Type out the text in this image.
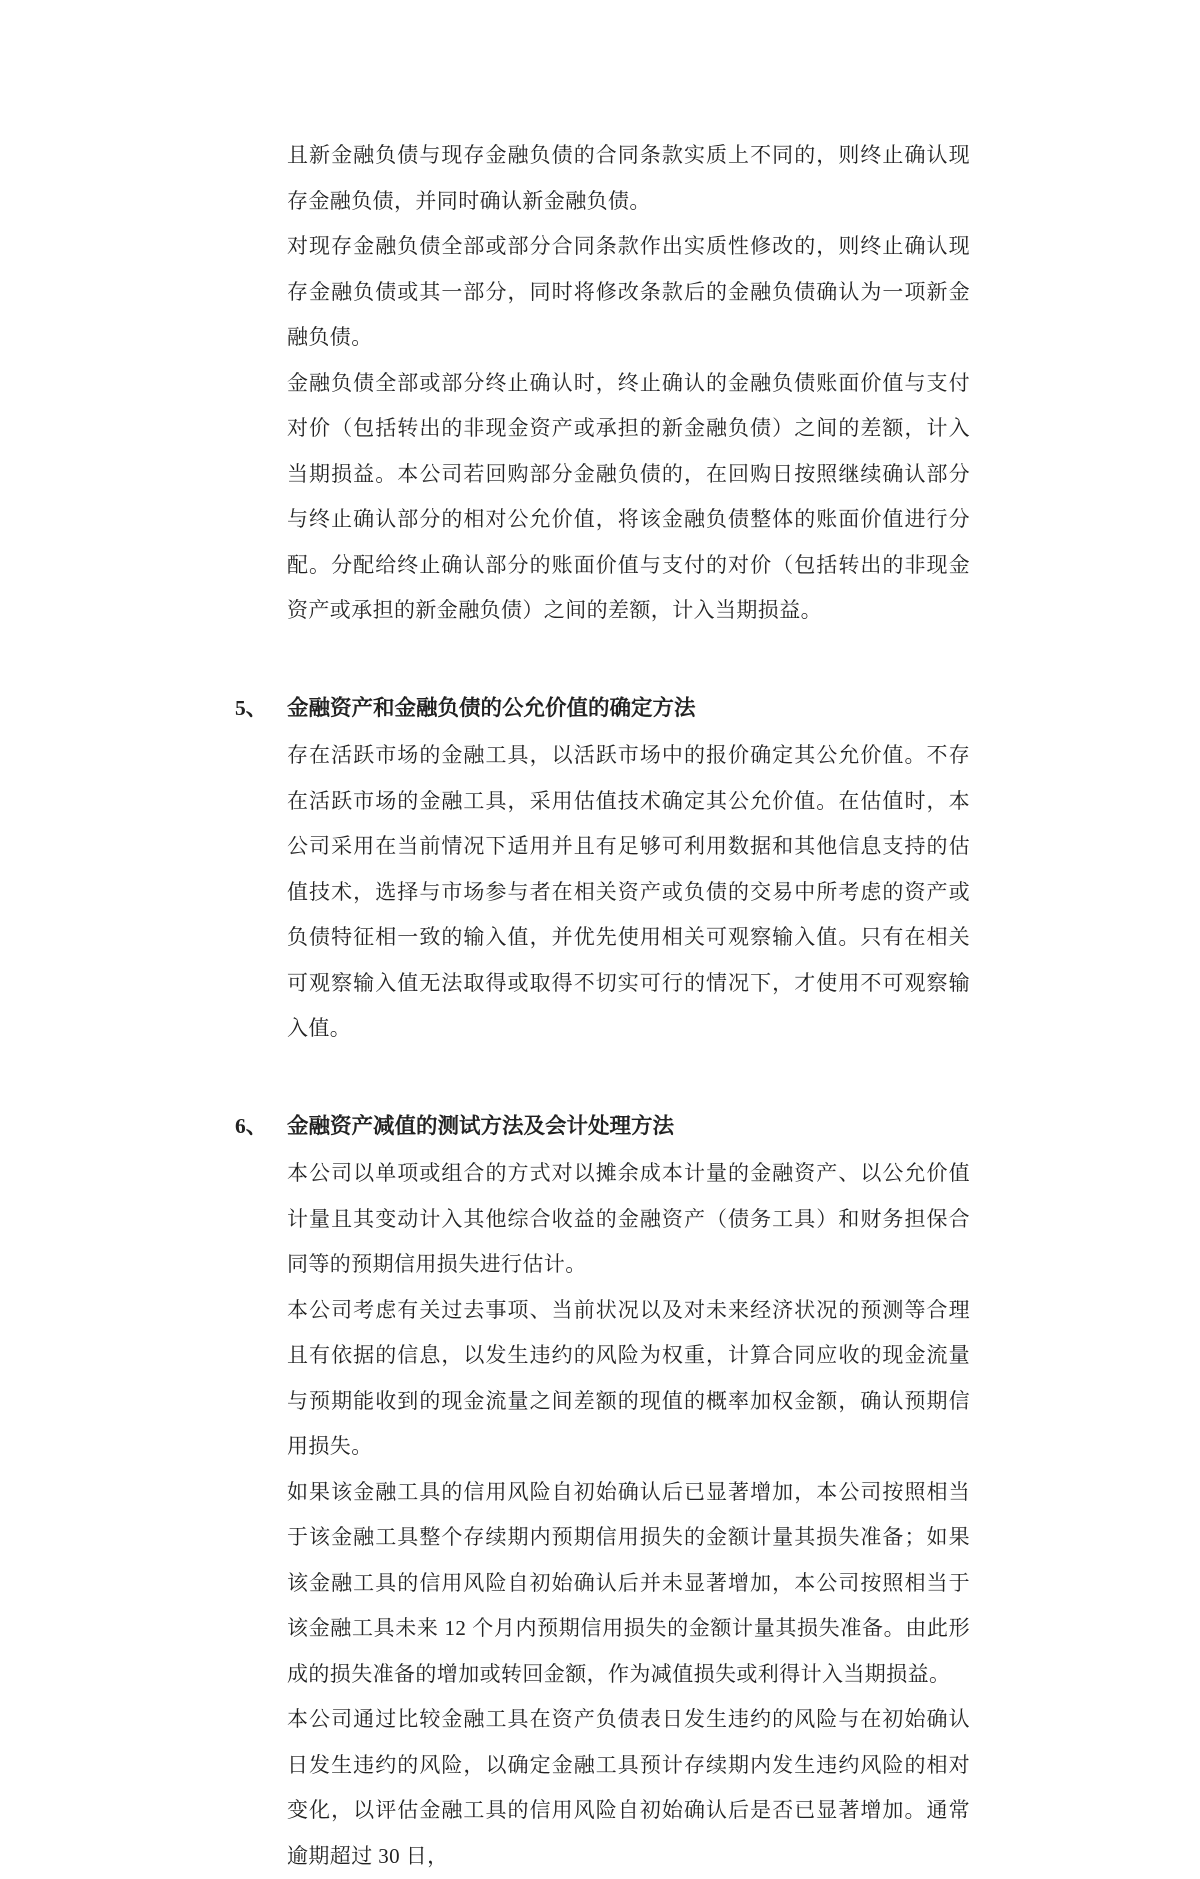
且新金融负债与现存金融负债的合同条款实质上不同的，则终止确认现存金融负债，并同时确认新金融负债。

对现存金融负债全部或部分合同条款作出实质性修改的，则终止确认现存金融负债或其一部分，同时将修改条款后的金融负债确认为一项新金融负债。

金融负债全部或部分终止确认时，终止确认的金融负债账面价值与支付对价（包括转出的非现金资产或承担的新金融负债）之间的差额，计入当期损益。本公司若回购部分金融负债的，在回购日按照继续确认部分与终止确认部分的相对公允价值，将该金融负债整体的账面价值进行分配。分配给终止确认部分的账面价值与支付的对价（包括转出的非现金资产或承担的新金融负债）之间的差额，计入当期损益。

5、 金融资产和金融负债的公允价值的确定方法

存在活跃市场的金融工具，以活跃市场中的报价确定其公允价值。不存在活跃市场的金融工具，采用估值技术确定其公允价值。在估值时，本公司采用在当前情况下适用并且有足够可利用数据和其他信息支持的估值技术，选择与市场参与者在相关资产或负债的交易中所考虑的资产或负债特征相一致的输入值，并优先使用相关可观察输入值。只有在相关可观察输入值无法取得或取得不切实可行的情况下，才使用不可观察输入值。

6、 金融资产减值的测试方法及会计处理方法

本公司以单项或组合的方式对以摊余成本计量的金融资产、以公允价值计量且其变动计入其他综合收益的金融资产（债务工具）和财务担保合同等的预期信用损失进行估计。

本公司考虑有关过去事项、当前状况以及对未来经济状况的预测等合理且有依据的信息，以发生违约的风险为权重，计算合同应收的现金流量与预期能收到的现金流量之间差额的现值的概率加权金额，确认预期信用损失。

如果该金融工具的信用风险自初始确认后已显著增加，本公司按照相当于该金融工具整个存续期内预期信用损失的金额计量其损失准备；如果该金融工具的信用风险自初始确认后并未显著增加，本公司按照相当于该金融工具未来 12 个月内预期信用损失的金额计量其损失准备。由此形成的损失准备的增加或转回金额，作为减值损失或利得计入当期损益。

本公司通过比较金融工具在资产负债表日发生违约的风险与在初始确认日发生违约的风险，以确定金融工具预计存续期内发生违约风险的相对变化，以评估金融工具的信用风险自初始确认后是否已显著增加。通常逾期超过 30 日，
